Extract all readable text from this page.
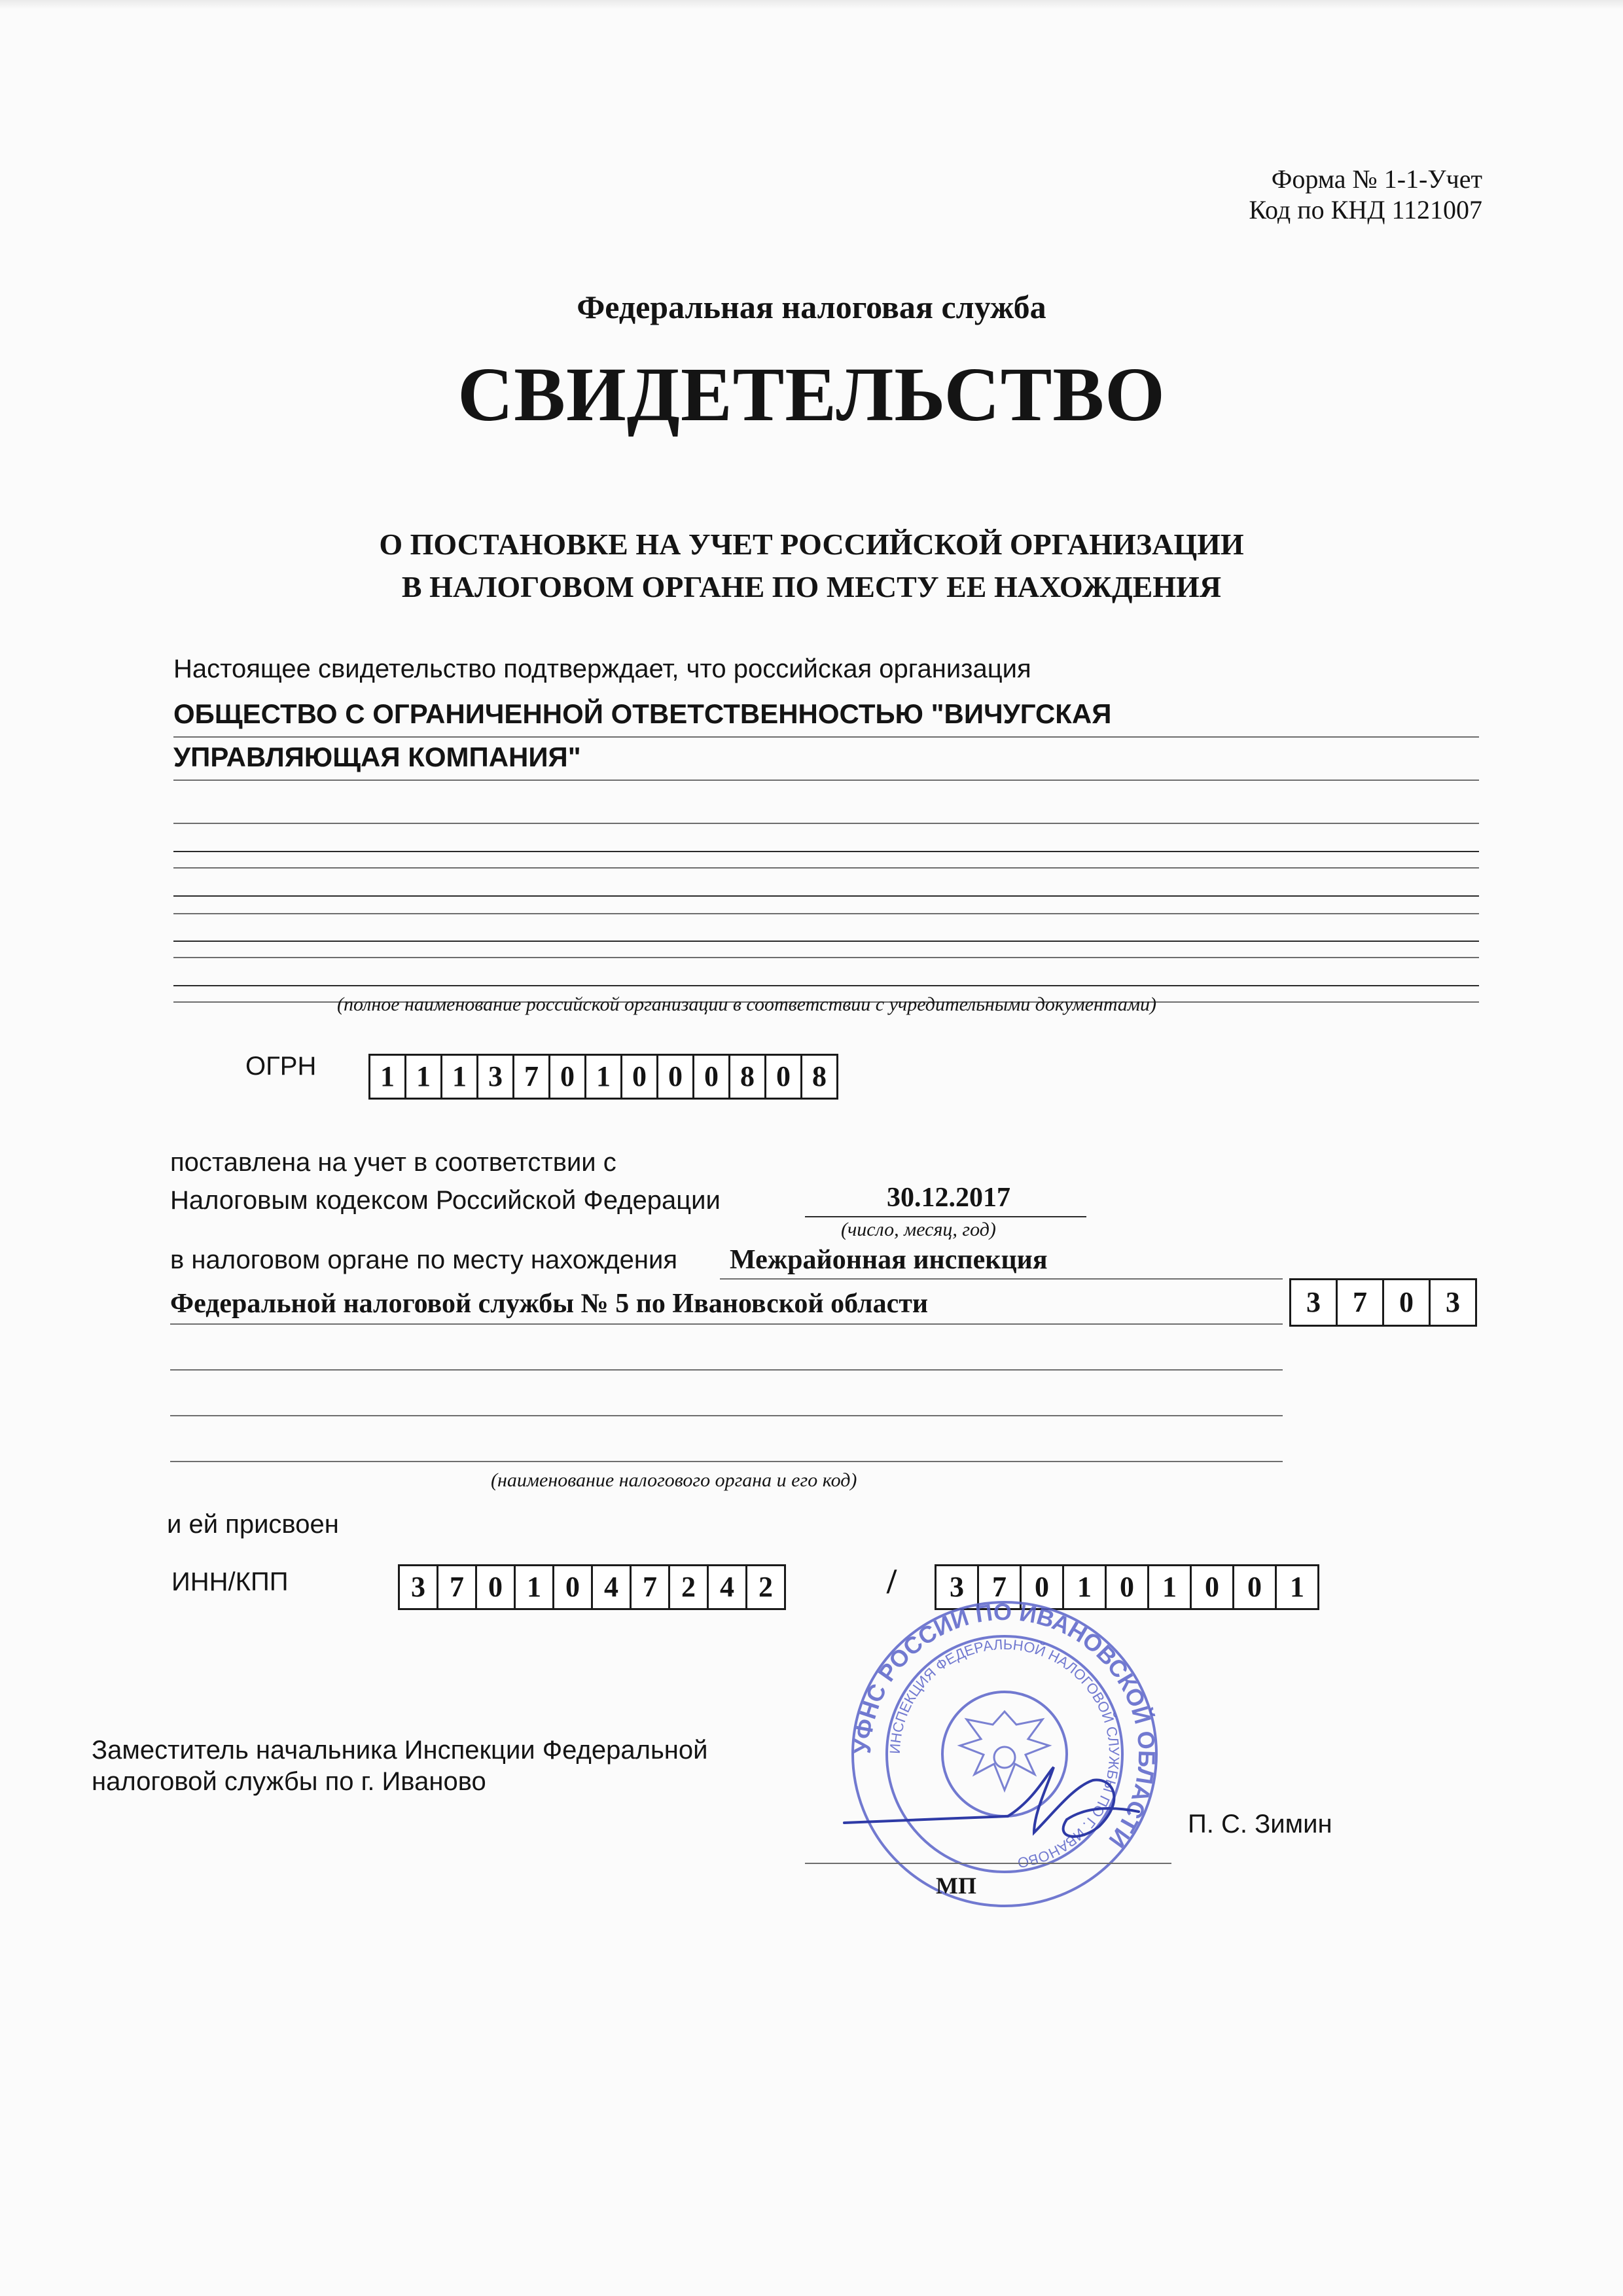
Форма № 1-1-Учет
Код по КНД 1121007
Федеральная налоговая служба
СВИДЕТЕЛЬСТВО
О ПОСТАНОВКЕ НА УЧЕТ РОССИЙСКОЙ ОРГАНИЗАЦИИ
В НАЛОГОВОМ ОРГАНЕ ПО МЕСТУ ЕЕ НАХОЖДЕНИЯ
Настоящее свидетельство подтверждает, что российская организация
ОБЩЕСТВО С ОГРАНИЧЕННОЙ ОТВЕТСТВЕННОСТЬЮ "ВИЧУГСКАЯ
УПРАВЛЯЮЩАЯ КОМПАНИЯ"
(полное наименование российской организации в соответствии с учредительными документами)
ОГРН	1 1 1 3 7 0 1 0 0 0 8 0 8
поставлена на учет в соответствии с
Налоговым кодексом Российской Федерации	30.12.2017
(число, месяц, год)
в налоговом органе по месту нахождения Межрайонная инспекция
Федеральной налоговой службы № 5 по Ивановской области	3	7	0	3
(наименование налогового органа и его код)
и ей присвоен
ИНН/КПП	3 7 0 1 0 4 7 2 4 2	/	3 7 0 1 0 1 0 0 1
УФНС РОССИИ ПО ИВАНОВСКОЙ ОБЛАСТИ
ИНСПЕКЦИЯ ФЕДЕРАЛЬНОЙ НАЛОГОВОЙ СЛУЖБЫ ПО Г. ИВАНОВО
Заместитель начальника Инспекции Федеральной
налоговой службы по г. Иваново
П. С. Зимин
МП
